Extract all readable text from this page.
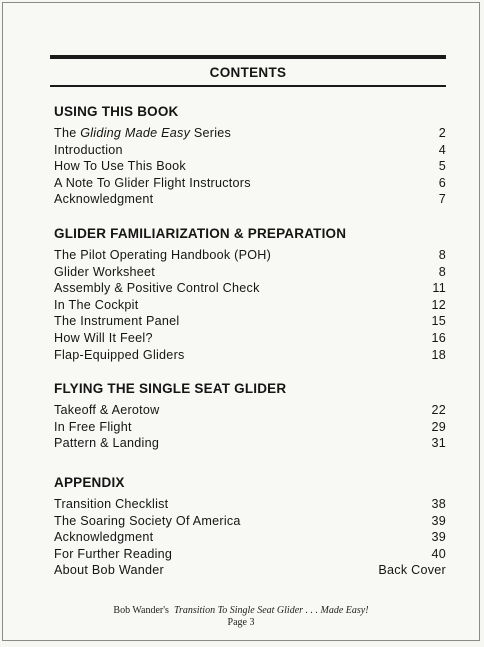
CONTENTS
USING THIS BOOK
The Gliding Made Easy Series	2
Introduction	4
How To Use This Book	5
A Note To Glider Flight Instructors	6
Acknowledgment	7
GLIDER FAMILIARIZATION & PREPARATION
The Pilot Operating Handbook (POH)	8
Glider Worksheet	8
Assembly & Positive Control Check	11
In The Cockpit	12
The Instrument Panel	15
How Will It Feel?	16
Flap-Equipped Gliders	18
FLYING THE SINGLE SEAT GLIDER
Takeoff & Aerotow	22
In Free Flight	29
Pattern & Landing	31
APPENDIX
Transition Checklist	38
The Soaring Society Of America	39
Acknowledgment	39
For Further Reading	40
About Bob Wander	Back Cover
Bob Wander's Transition To Single Seat Glider . . . Made Easy!
Page 3
